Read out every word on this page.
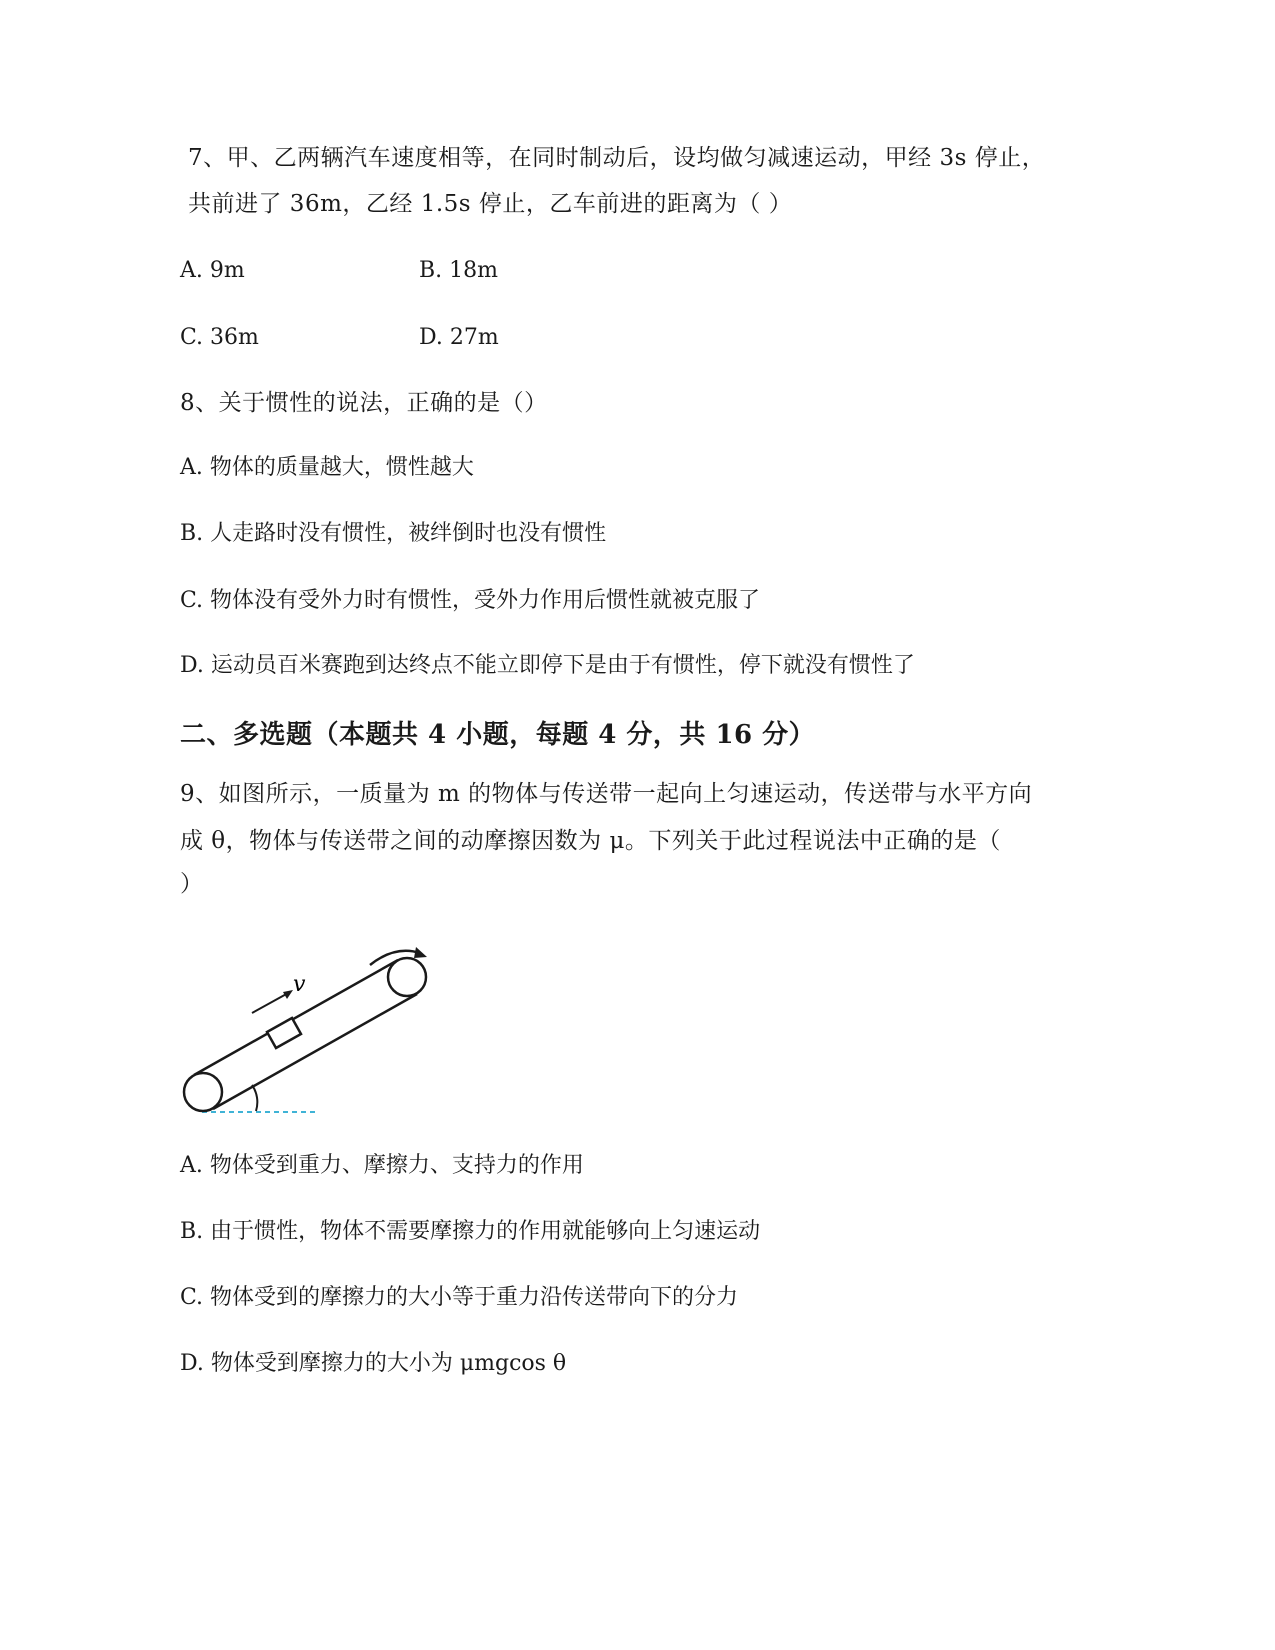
7、甲、乙两辆汽车速度相等，在同时制动后，设均做匀减速运动，甲经 3s 停止，
共前进了 36m，乙经 1.5s 停止，乙车前进的距离为（ ）
A. 9m	B. 18m
C. 36m	D. 27m
8、关于惯性的说法，正确的是（）
A. 物体的质量越大，惯性越大
B. 人走路时没有惯性，被绊倒时也没有惯性
C. 物体没有受外力时有惯性，受外力作用后惯性就被克服了
D. 运动员百米赛跑到达终点不能立即停下是由于有惯性，停下就没有惯性了
二、多选题（本题共 4 小题，每题 4 分，共 16 分）
9、如图所示，一质量为 m 的物体与传送带一起向上匀速运动，传送带与水平方向
成 θ，物体与传送带之间的动摩擦因数为 μ。下列关于此过程说法中正确的是（
）
v
A. 物体受到重力、摩擦力、支持力的作用
B. 由于惯性，物体不需要摩擦力的作用就能够向上匀速运动
C. 物体受到的摩擦力的大小等于重力沿传送带向下的分力
D. 物体受到摩擦力的大小为 μmgcos θ
